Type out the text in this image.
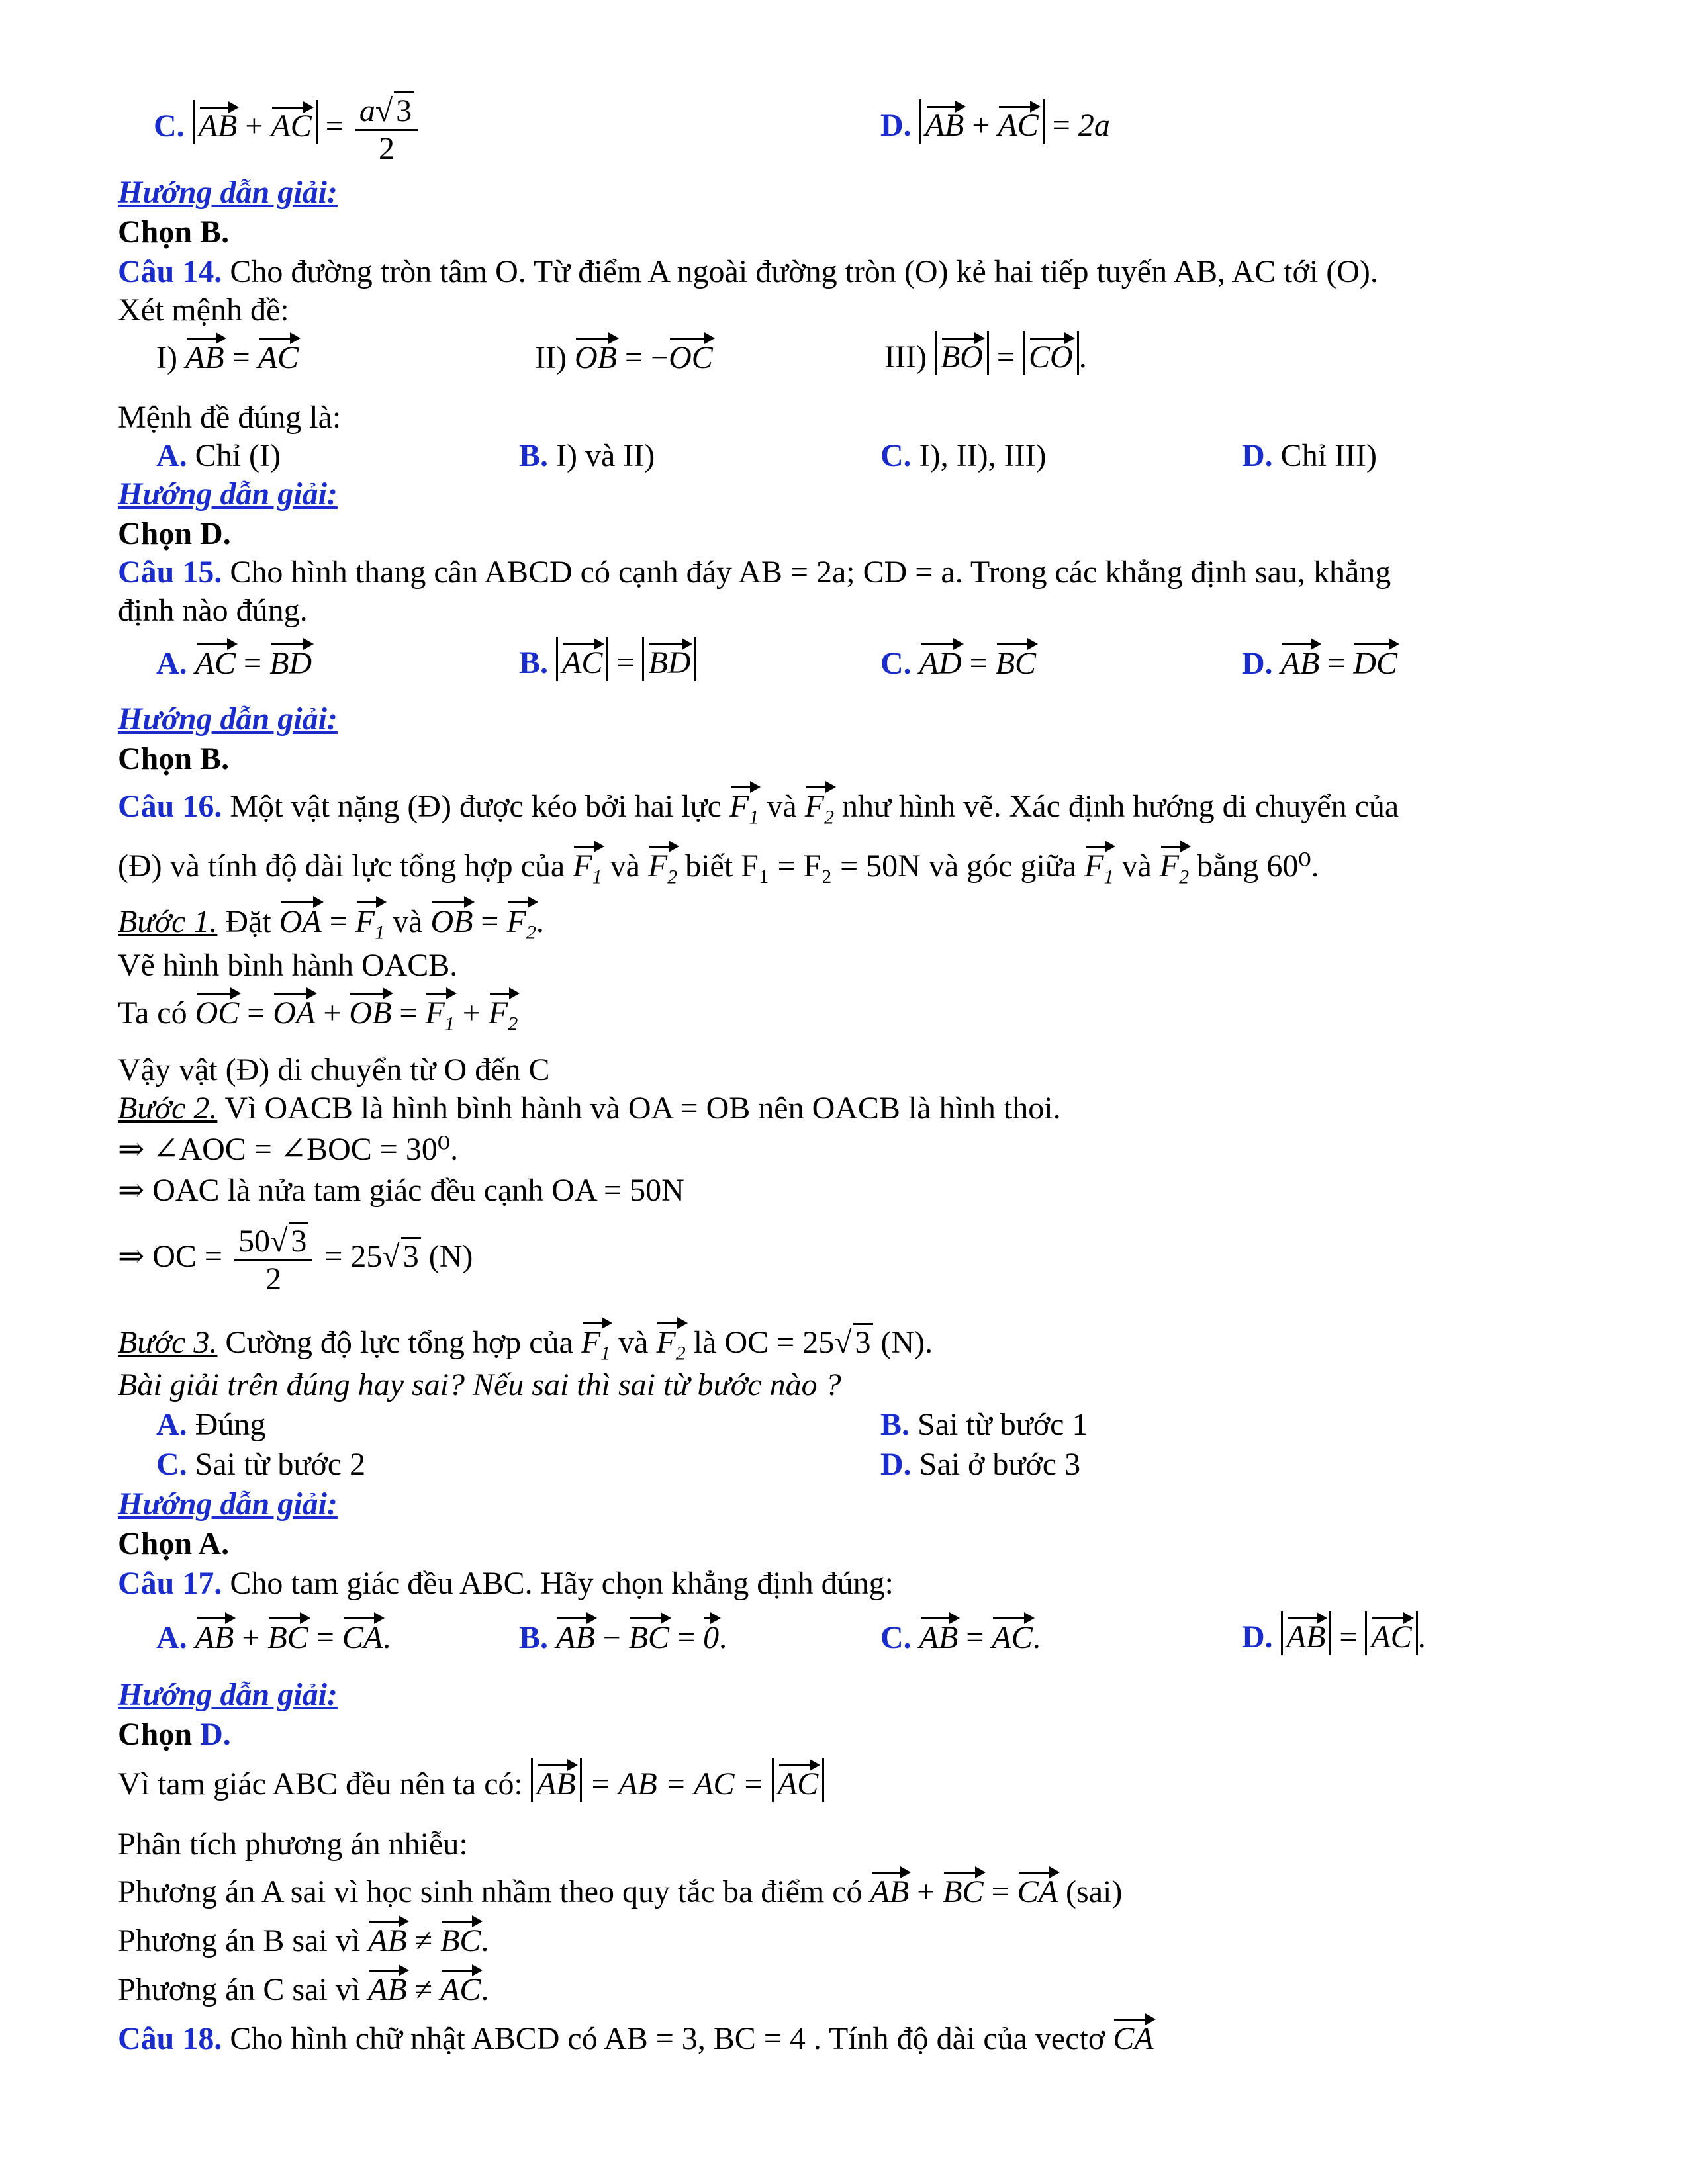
C. AB + AC = $\frac{a√ 3}{2}$	D. AB + AC = 2a
Hướng dẫn giải:
Chọn B.
Câu 14. Cho đường tròn tâm O. Từ điểm A ngoài đường tròn (O) kẻ hai tiếp tuyến AB, AC tới (O).
Xét mệnh đề:
I) AB = AC	II) OB = −OC	III) BO = CO .
Mệnh đề đúng là:
A. Chỉ (I)	B. I) và II)	C. I), II), III)	D. Chỉ III)
Hướng dẫn giải:
Chọn D.
Câu 15. Cho hình thang cân ABCD có cạnh đáy AB = 2a; CD = a. Trong các khẳng định sau, khẳng
định nào đúng.
A. AC = BD	B. AC = BD	C. AD = BC	D. AB = DC
Hướng dẫn giải:
Chọn B.
Câu 16. Một vật nặng (Đ) được kéo bởi hai lực $F_1$ và $F_2$ như hình vẽ. Xác định hướng di chuyển của
(Đ) và tính độ dài lực tổng hợp của $F_1$ và $F_2$ biết F₁ = F₂ = 50N và góc giữa $F_1$ và $F_2$ bằng 60⁰.
Bước 1. Đặt OA = $F_1$ và OB = $F_2$.
Vẽ hình bình hành OACB.
Ta có OC = OA + OB = $F_1 + F_2$
Vậy vật (Đ) di chuyển từ O đến C
Bước 2. Vì OACB là hình bình hành và OA = OB nên OACB là hình thoi.
⇒ ∠AOC = ∠BOC = 30⁰.
⇒ OAC là nửa tam giác đều cạnh OA = 50N
⇒ OC = $\frac{50√ 3}{2} = 25√$ 3 (N)
Bước 3. Cường độ lực tổng hợp của $F_1$ và $F_2$ là OC = 25√ 3 (N).
Bài giải trên đúng hay sai? Nếu sai thì sai từ bước nào ?
A. Đúng	B. Sai từ bước 1
C. Sai từ bước 2	D. Sai ở bước 3
Hướng dẫn giải:
Chọn A.
Câu 17. Cho tam giác đều ABC. Hãy chọn khẳng định đúng:
A. AB + BC = CA.	B. AB − BC = 0.	C. AB = AC.	D. AB = AC .
Hướng dẫn giải:
Chọn D.
Vì tam giác ABC đều nên ta có: AB = AB = AC = AC
Phân tích phương án nhiễu:
Phương án A sai vì học sinh nhầm theo quy tắc ba điểm có AB + BC = CA (sai)
Phương án B sai vì AB ≠ BC.
Phương án C sai vì AB ≠ AC.
Câu 18. Cho hình chữ nhật ABCD có AB = 3, BC = 4 . Tính độ dài của vectơ CA
